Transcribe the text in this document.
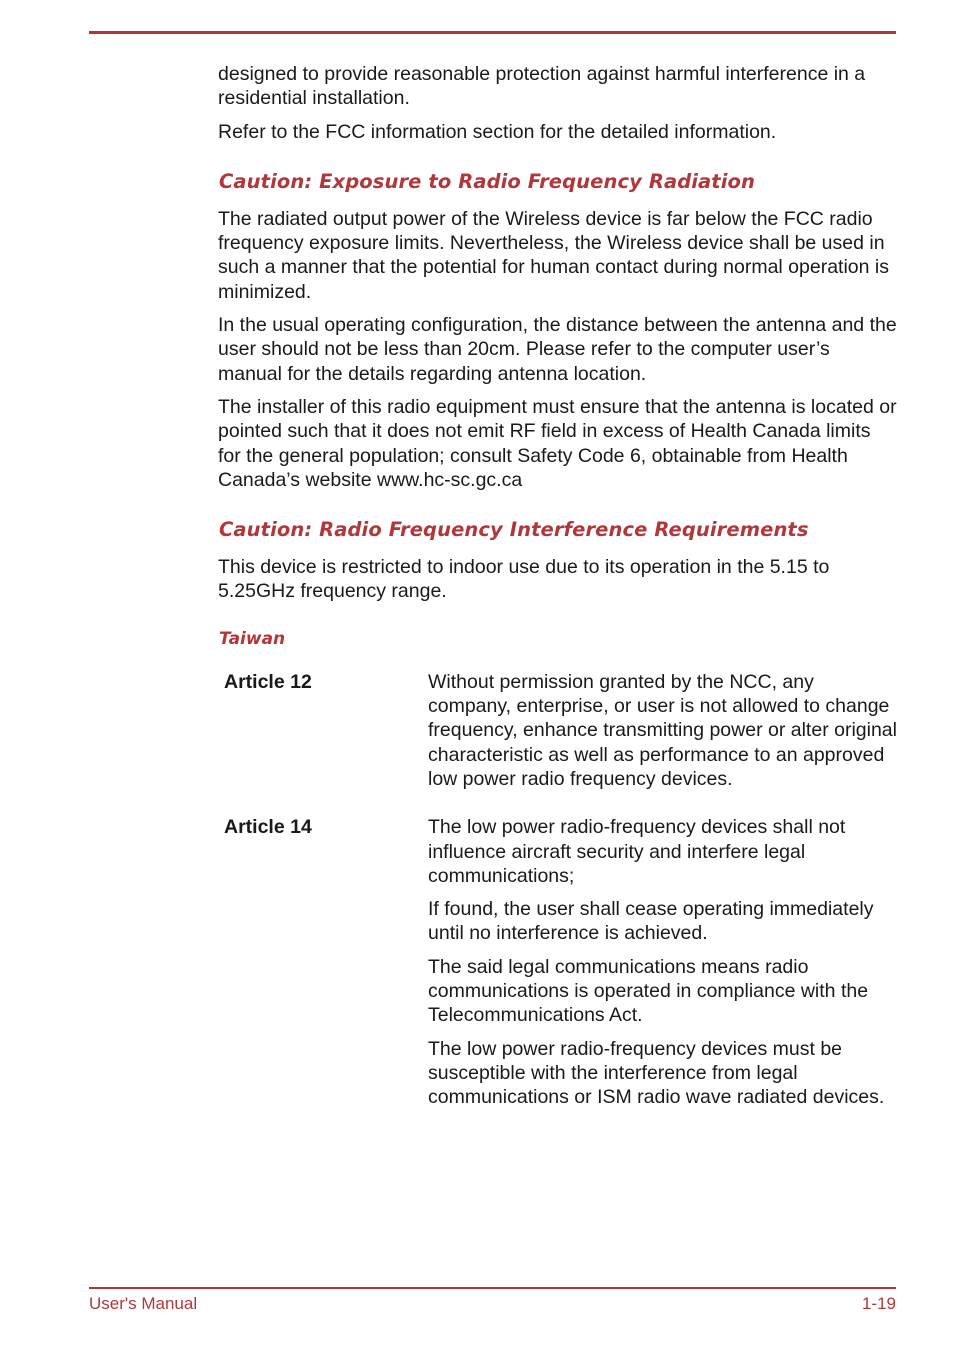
designed to provide reasonable protection against harmful interference in a residential installation.

Refer to the FCC information section for the detailed information.

Caution: Exposure to Radio Frequency Radiation

The radiated output power of the Wireless device is far below the FCC radio frequency exposure limits. Nevertheless, the Wireless device shall be used in such a manner that the potential for human contact during normal operation is minimized.

In the usual operating configuration, the distance between the antenna and the user should not be less than 20cm. Please refer to the computer user’s manual for the details regarding antenna location.

The installer of this radio equipment must ensure that the antenna is located or pointed such that it does not emit RF field in excess of Health Canada limits for the general population; consult Safety Code 6, obtainable from Health Canada’s website www.hc-sc.gc.ca

Caution: Radio Frequency Interference Requirements

This device is restricted to indoor use due to its operation in the 5.15 to 5.25GHz frequency range.

Taiwan
Article 12	Without permission granted by the NCC, any company, enterprise, or user is not allowed to change frequency, enhance transmitting power or alter original characteristic as well as performance to an approved low power radio frequency devices.

Article 14	The low power radio-frequency devices shall not influence aircraft security and interfere legal communications;

If found, the user shall cease operating immediately until no interference is achieved.

The said legal communications means radio communications is operated in compliance with the Telecommunications Act.

The low power radio-frequency devices must be susceptible with the interference from legal communications or ISM radio wave radiated devices.

User's Manual	1-19
